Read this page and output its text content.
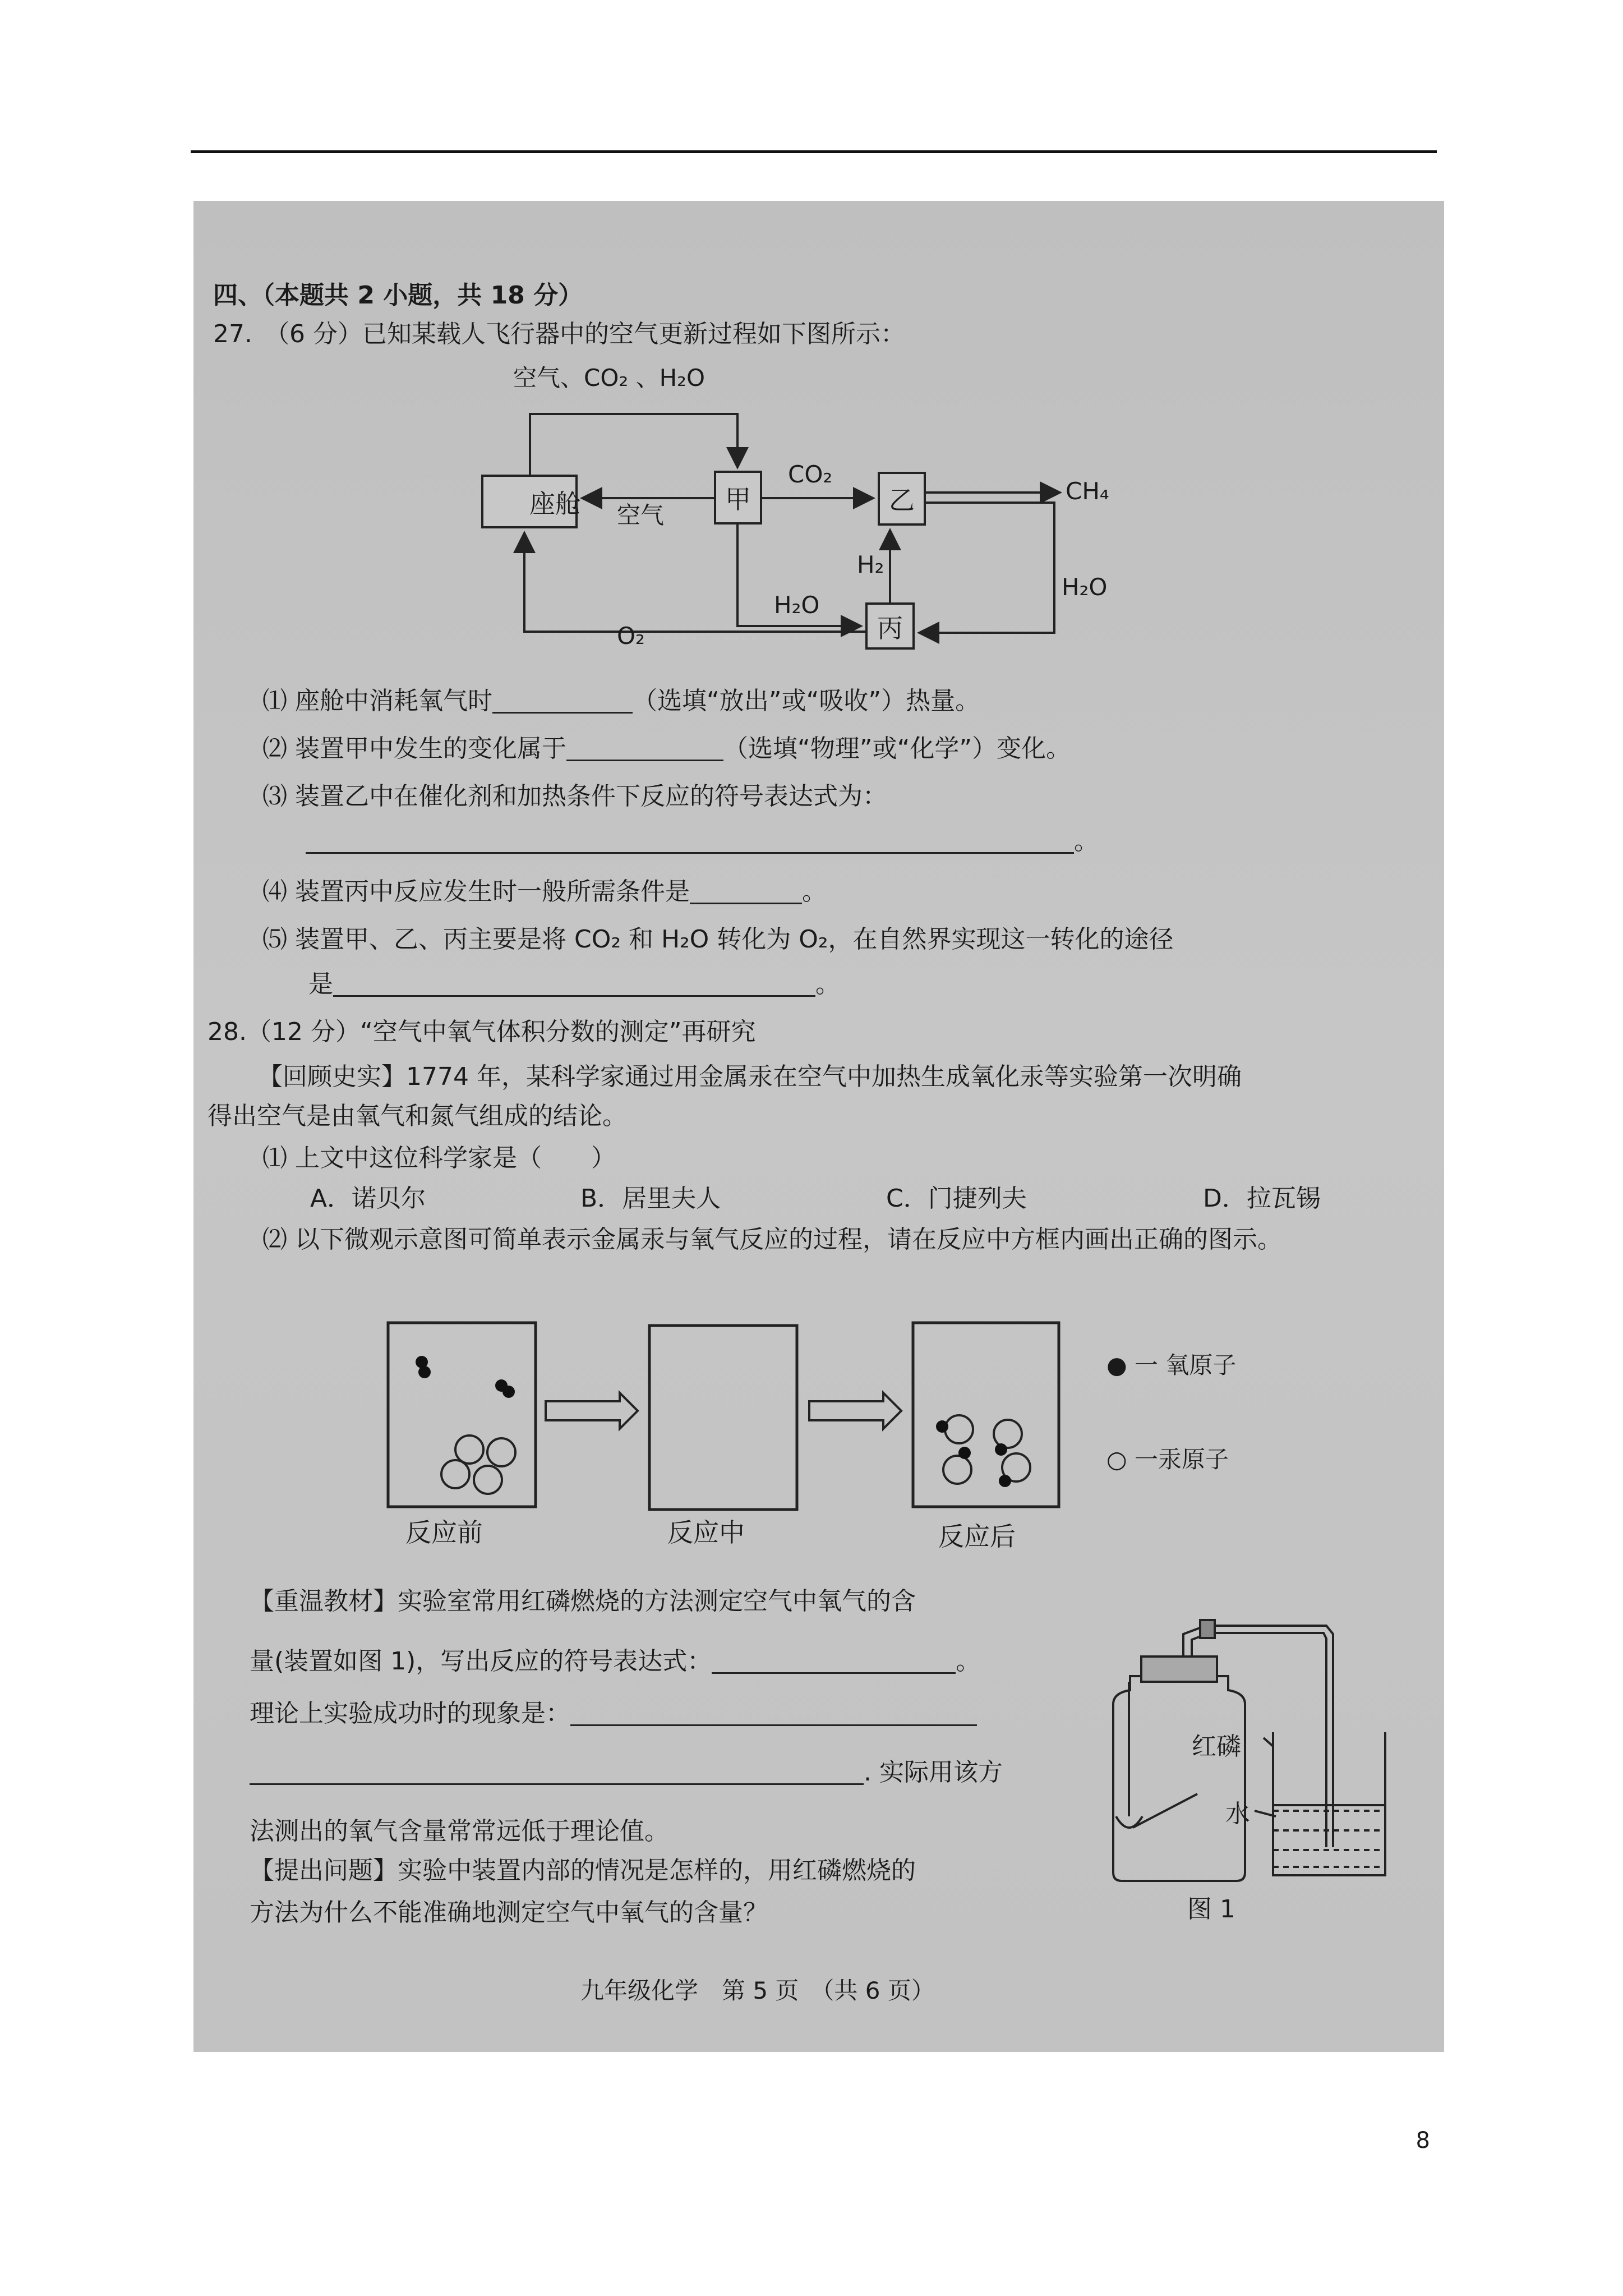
四、（本题共 2 小题，共 18 分）
27.　（6 分）已知某载人飞行器中的空气更新过程如下图所示：
座舱	甲	乙
丙
空气、CO₂ 、H₂O
空气
CO₂
CH₄
H₂
H₂O
H₂O
O₂
⑴ 座舱中消耗氧气时	（选填“放出”或“吸收”）热量。
⑵ 装置甲中发生的变化属于	（选填“物理”或“化学”）变化。
⑶ 装置乙中在催化剂和加热条件下反应的符号表达式为：
。
⑷ 装置丙中反应发生时一般所需条件是	。
⑸ 装置甲、乙、丙主要是将 CO₂ 和 H₂O 转化为 O₂，在自然界实现这一转化的途径
是	。
28.（12 分）“空气中氧气体积分数的测定”再研究
【回顾史实】1774 年，某科学家通过用金属汞在空气中加热生成氧化汞等实验第一次明确
得出空气是由氧气和氮气组成的结论。
⑴ 上文中这位科学家是（　　）
A．诺贝尔	B．居里夫人	C．门捷列夫	D．拉瓦锡
⑵ 以下微观示意图可简单表示金属汞与氧气反应的过程，请在反应中方框内画出正确的图示。
反应前	反应中	反应后
● 一 氧原子
○ 一汞原子
【重温教材】实验室常用红磷燃烧的方法测定空气中氧气的含
量(装置如图 1)，写出反应的符号表达式：	。
理论上实验成功时的现象是：
. 实际用该方
法测出的氧气含量常常远低于理论值。
【提出问题】实验中装置内部的情况是怎样的，用红磷燃烧的
方法为什么不能准确地测定空气中氧气的含量？
红磷
水
图 1
九年级化学　第 5 页　（共 6 页）
8
